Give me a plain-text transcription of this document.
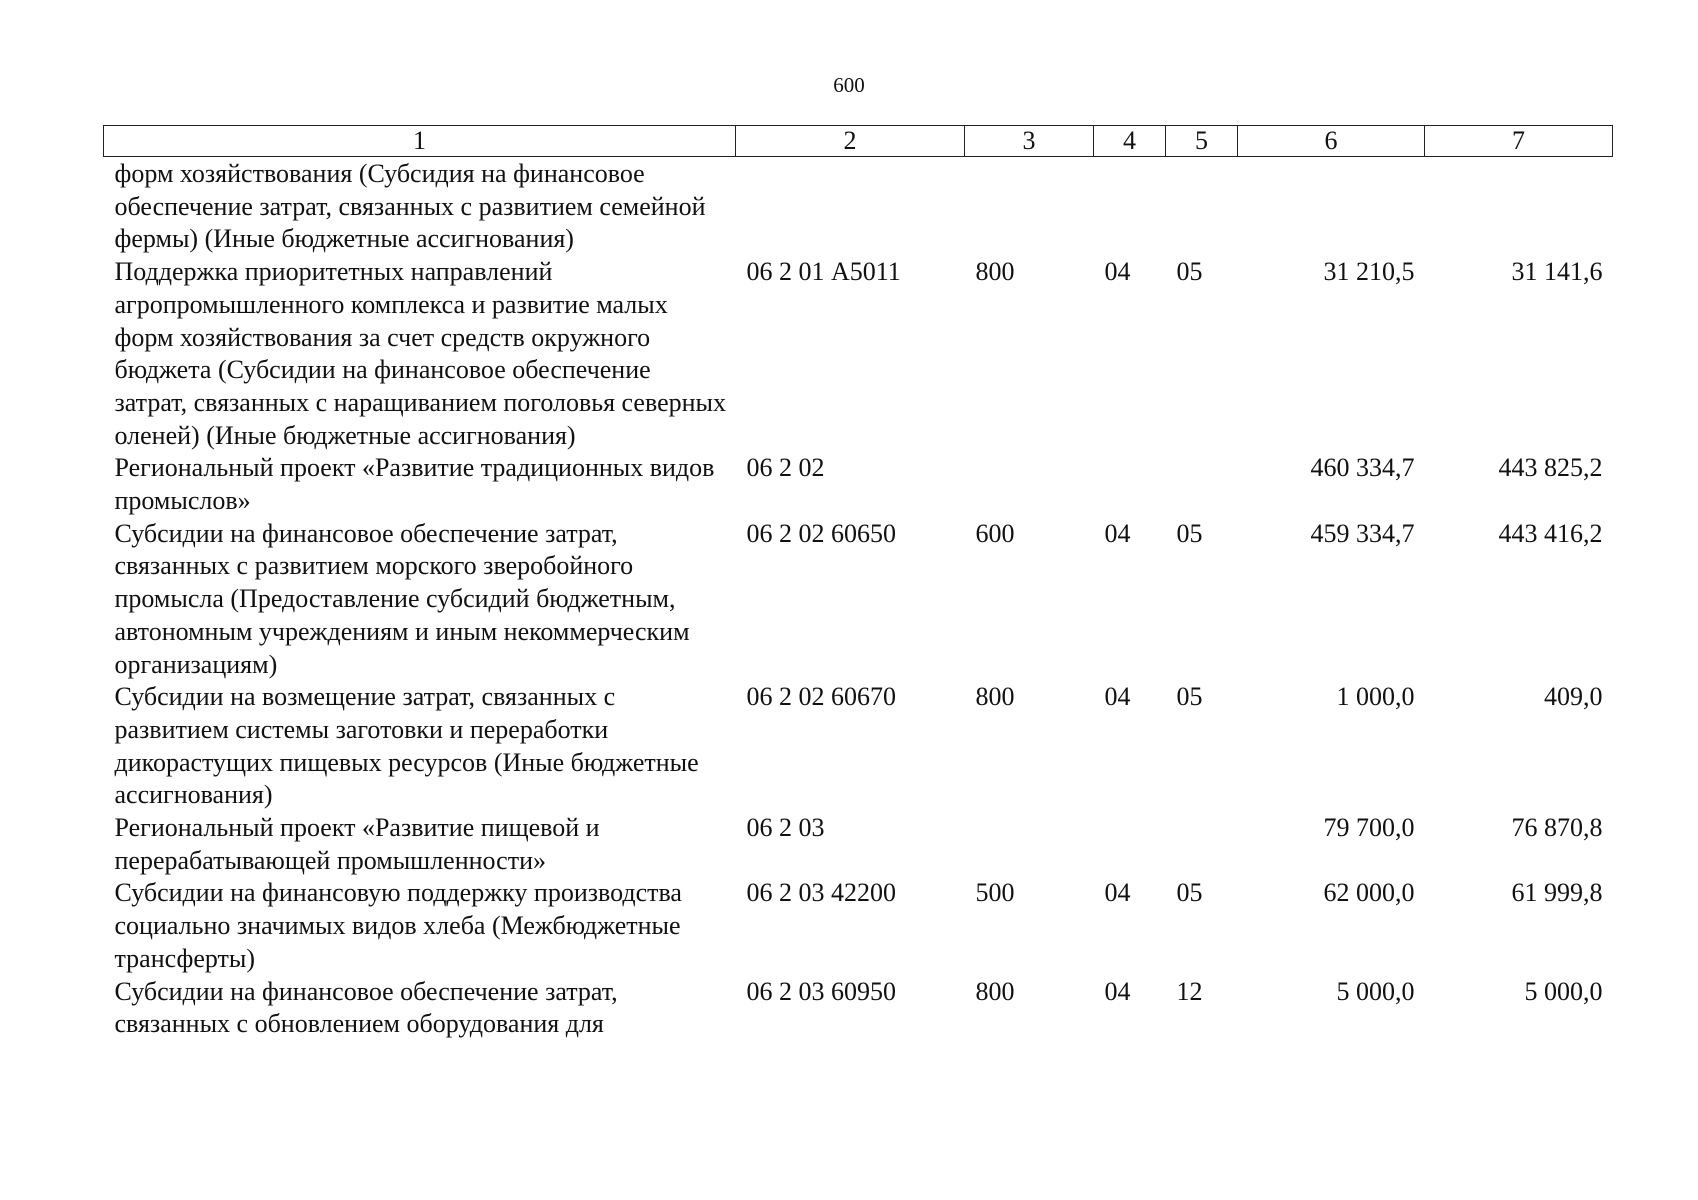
600
1	2	3	4	5	6	7
форм хозяйствования (Субсидия на финансовое обеспечение затрат, связанных с развитием семейной фермы) (Иные бюджетные ассигнования)						
Поддержка приоритетных направлений агропромышленного комплекса и развитие малых форм хозяйствования за счет средств окружного бюджета (Субсидии на финансовое обеспечение затрат, связанных с наращиванием поголовья северных оленей) (Иные бюджетные ассигнования)	06 2 01 А5011	800	04	05	31 210,5	31 141,6
Региональный проект «Развитие традиционных видов промыслов»	06 2 02				460 334,7	443 825,2
Субсидии на финансовое обеспечение затрат, связанных с развитием морского зверобойного промысла (Предоставление субсидий бюджетным, автономным учреждениям и иным некоммерческим организациям)	06 2 02 60650	600	04	05	459 334,7	443 416,2
Субсидии на возмещение затрат, связанных с развитием системы заготовки и переработки дикорастущих пищевых ресурсов (Иные бюджетные ассигнования)	06 2 02 60670	800	04	05	1 000,0	409,0
Региональный проект «Развитие пищевой и перерабатывающей промышленности»	06 2 03				79 700,0	76 870,8
Субсидии на финансовую поддержку производства социально значимых видов хлеба (Межбюджетные трансферты)	06 2 03 42200	500	04	05	62 000,0	61 999,8
Субсидии на финансовое обеспечение затрат, связанных с обновлением оборудования для	06 2 03 60950	800	04	12	5 000,0	5 000,0
